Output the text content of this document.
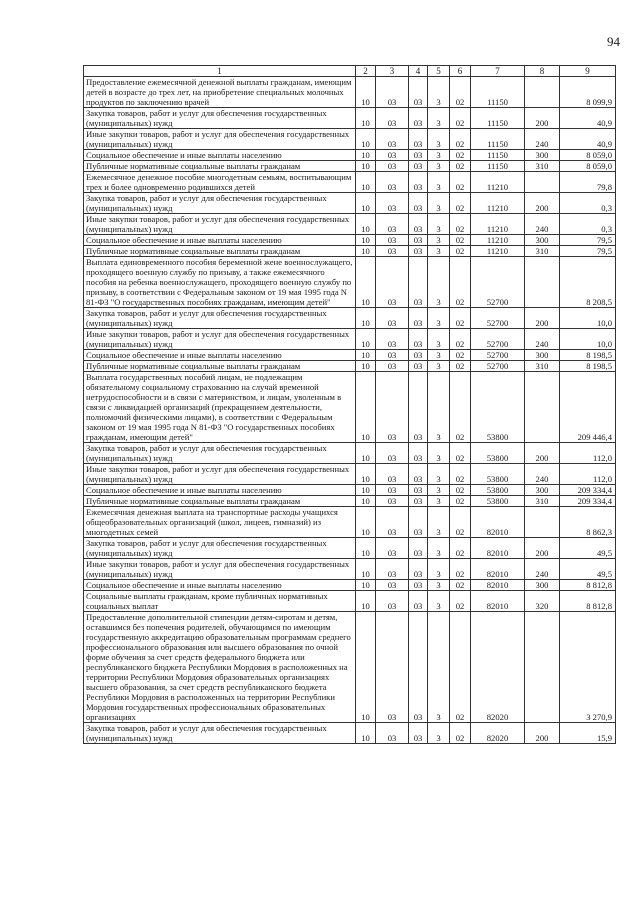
94
1	2	3	4	5	6	7	8	9
Предоставление ежемесячной денежной выплаты гражданам, имеющим детей в возрасте до трех лет, на приобретение специальных молочных продуктов по заключению врачей	10	03	03	3	02	11150		8 099,9
Закупка товаров, работ и услуг для обеспечения государственных (муниципальных) нужд	10	03	03	3	02	11150	200	40,9
Иные закупки товаров, работ и услуг для обеспечения государственных (муниципальных) нужд	10	03	03	3	02	11150	240	40,9
Социальное обеспечение и иные выплаты населению	10	03	03	3	02	11150	300	8 059,0
Публичные нормативные социальные выплаты гражданам	10	03	03	3	02	11150	310	8 059,0
Ежемесячное денежное пособие многодетным семьям, воспитывающим трех и более одновременно родившихся детей	10	03	03	3	02	11210		79,8
Закупка товаров, работ и услуг для обеспечения государственных (муниципальных) нужд	10	03	03	3	02	11210	200	0,3
Иные закупки товаров, работ и услуг для обеспечения государственных (муниципальных) нужд	10	03	03	3	02	11210	240	0,3
Социальное обеспечение и иные выплаты населению	10	03	03	3	02	11210	300	79,5
Публичные нормативные социальные выплаты гражданам	10	03	03	3	02	11210	310	79,5
Выплата единовременного пособия беременной жене военнослужащего, проходящего военную службу по призыву, а также ежемесячного пособия на ребенка военнослужащего, проходящего военную службу по призыву, в соответствии с Федеральным законом от 19 мая 1995 года N 81-ФЗ "О государственных пособиях гражданам, имеющим детей"	10	03	03	3	02	52700		8 208,5
Закупка товаров, работ и услуг для обеспечения государственных (муниципальных) нужд	10	03	03	3	02	52700	200	10,0
Иные закупки товаров, работ и услуг для обеспечения государственных (муниципальных) нужд	10	03	03	3	02	52700	240	10,0
Социальное обеспечение и иные выплаты населению	10	03	03	3	02	52700	300	8 198,5
Публичные нормативные социальные выплаты гражданам	10	03	03	3	02	52700	310	8 198,5
Выплата государственных пособий лицам, не подлежащим обязательному социальному страхованию на случай временной нетрудоспособности и в связи с материнством, и лицам, уволенным в связи с ликвидацией организаций (прекращением деятельности, полномочий физическими лицами), в соответствии с Федеральным законом от 19 мая 1995 года N 81-ФЗ "О государственных пособиях гражданам, имеющим детей"	10	03	03	3	02	53800		209 446,4
Закупка товаров, работ и услуг для обеспечения государственных (муниципальных) нужд	10	03	03	3	02	53800	200	112,0
Иные закупки товаров, работ и услуг для обеспечения государственных (муниципальных) нужд	10	03	03	3	02	53800	240	112,0
Социальное обеспечение и иные выплаты населению	10	03	03	3	02	53800	300	209 334,4
Публичные нормативные социальные выплаты гражданам	10	03	03	3	02	53800	310	209 334,4
Ежемесячная денежная выплата на транспортные расходы учащихся общеобразовательных организаций (школ, лицеев, гимназий) из многодетных семей	10	03	03	3	02	82010		8 862,3
Закупка товаров, работ и услуг для обеспечения государственных (муниципальных) нужд	10	03	03	3	02	82010	200	49,5
Иные закупки товаров, работ и услуг для обеспечения государственных (муниципальных) нужд	10	03	03	3	02	82010	240	49,5
Социальное обеспечение и иные выплаты населению	10	03	03	3	02	82010	300	8 812,8
Социальные выплаты гражданам, кроме публичных нормативных социальных выплат	10	03	03	3	02	82010	320	8 812,8
Предоставление дополнительной стипендии детям-сиротам и детям, оставшимся без попечения родителей, обучающимся по имеющим государственную аккредитацию образовательным программам среднего профессионального образования или высшего образования по очной форме обучения за счет средств федерального бюджета или республиканского бюджета Республики Мордовия в расположенных на территории Республики Мордовия образовательных организациях высшего образования, за счет средств республиканского бюджета Республики Мордовия в расположенных на территории Республики Мордовия государственных профессиональных образовательных организациях	10	03	03	3	02	82020		3 270,9
Закупка товаров, работ и услуг для обеспечения государственных (муниципальных) нужд	10	03	03	3	02	82020	200	15,9
